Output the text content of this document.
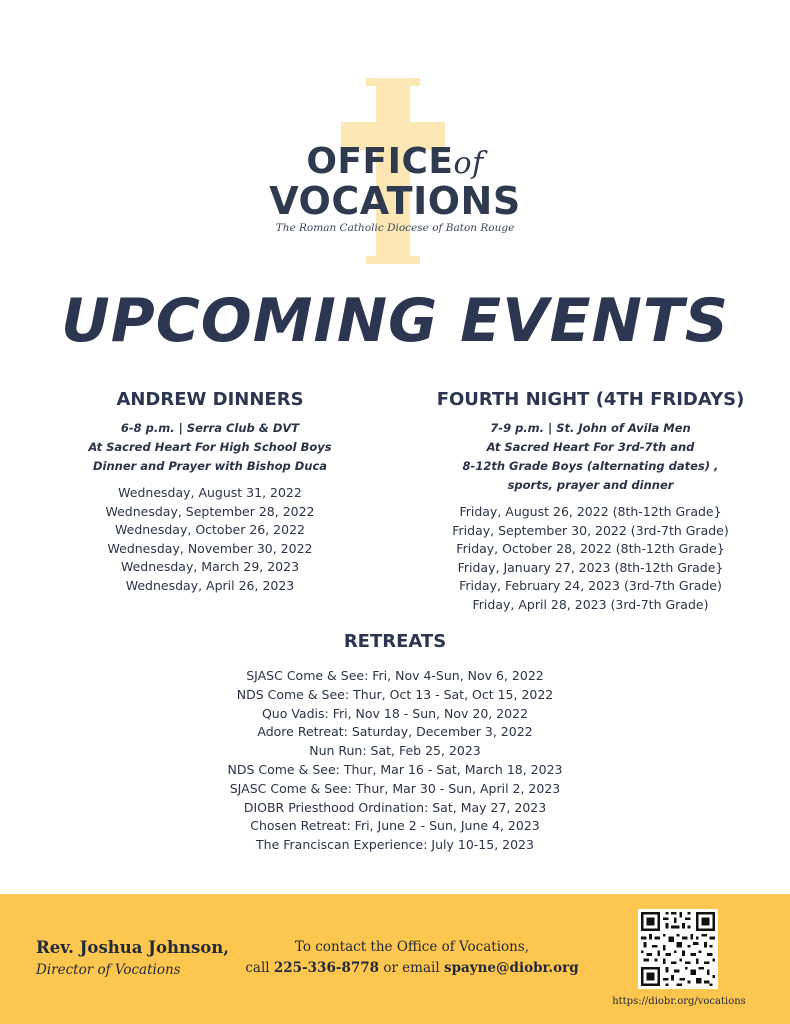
OFFICEof
VOCATIONS
The Roman Catholic Diocese of Baton Rouge
UPCOMING EVENTS
ANDREW DINNERS
6-8 p.m. | Serra Club & DVT
At Sacred Heart For High School Boys
Dinner and Prayer with Bishop Duca
Wednesday, August 31, 2022
Wednesday, September 28, 2022
Wednesday, October 26, 2022
Wednesday, November 30, 2022
Wednesday, March 29, 2023
Wednesday, April 26, 2023
FOURTH NIGHT (4TH FRIDAYS)
7-9 p.m. | St. John of Avila Men
At Sacred Heart For 3rd-7th and
8-12th Grade Boys (alternating dates) ,
sports, prayer and dinner
Friday, August 26, 2022 (8th-12th Grade}
Friday, September 30, 2022 (3rd-7th Grade)
Friday, October 28, 2022 (8th-12th Grade}
Friday, January 27, 2023 (8th-12th Grade}
Friday, February 24, 2023 (3rd-7th Grade)
Friday, April 28, 2023 (3rd-7th Grade)
RETREATS
SJASC Come & See: Fri, Nov 4-Sun, Nov 6, 2022
NDS Come & See: Thur, Oct 13 - Sat, Oct 15, 2022
Quo Vadis: Fri, Nov 18 - Sun, Nov 20, 2022
Adore Retreat: Saturday, December 3, 2022
Nun Run: Sat, Feb 25, 2023
NDS Come & See: Thur, Mar 16 - Sat, March 18, 2023
SJASC Come & See: Thur, Mar 30 - Sun, April 2, 2023
DIOBR Priesthood Ordination: Sat, May 27, 2023
Chosen Retreat: Fri, June 2 - Sun, June 4, 2023
The Franciscan Experience: July 10-15, 2023
Rev. Joshua Johnson,
Director of Vocations
To contact the Office of Vocations,
call 225-336-8778 or email spayne@diobr.org
https://diobr.org/vocations
